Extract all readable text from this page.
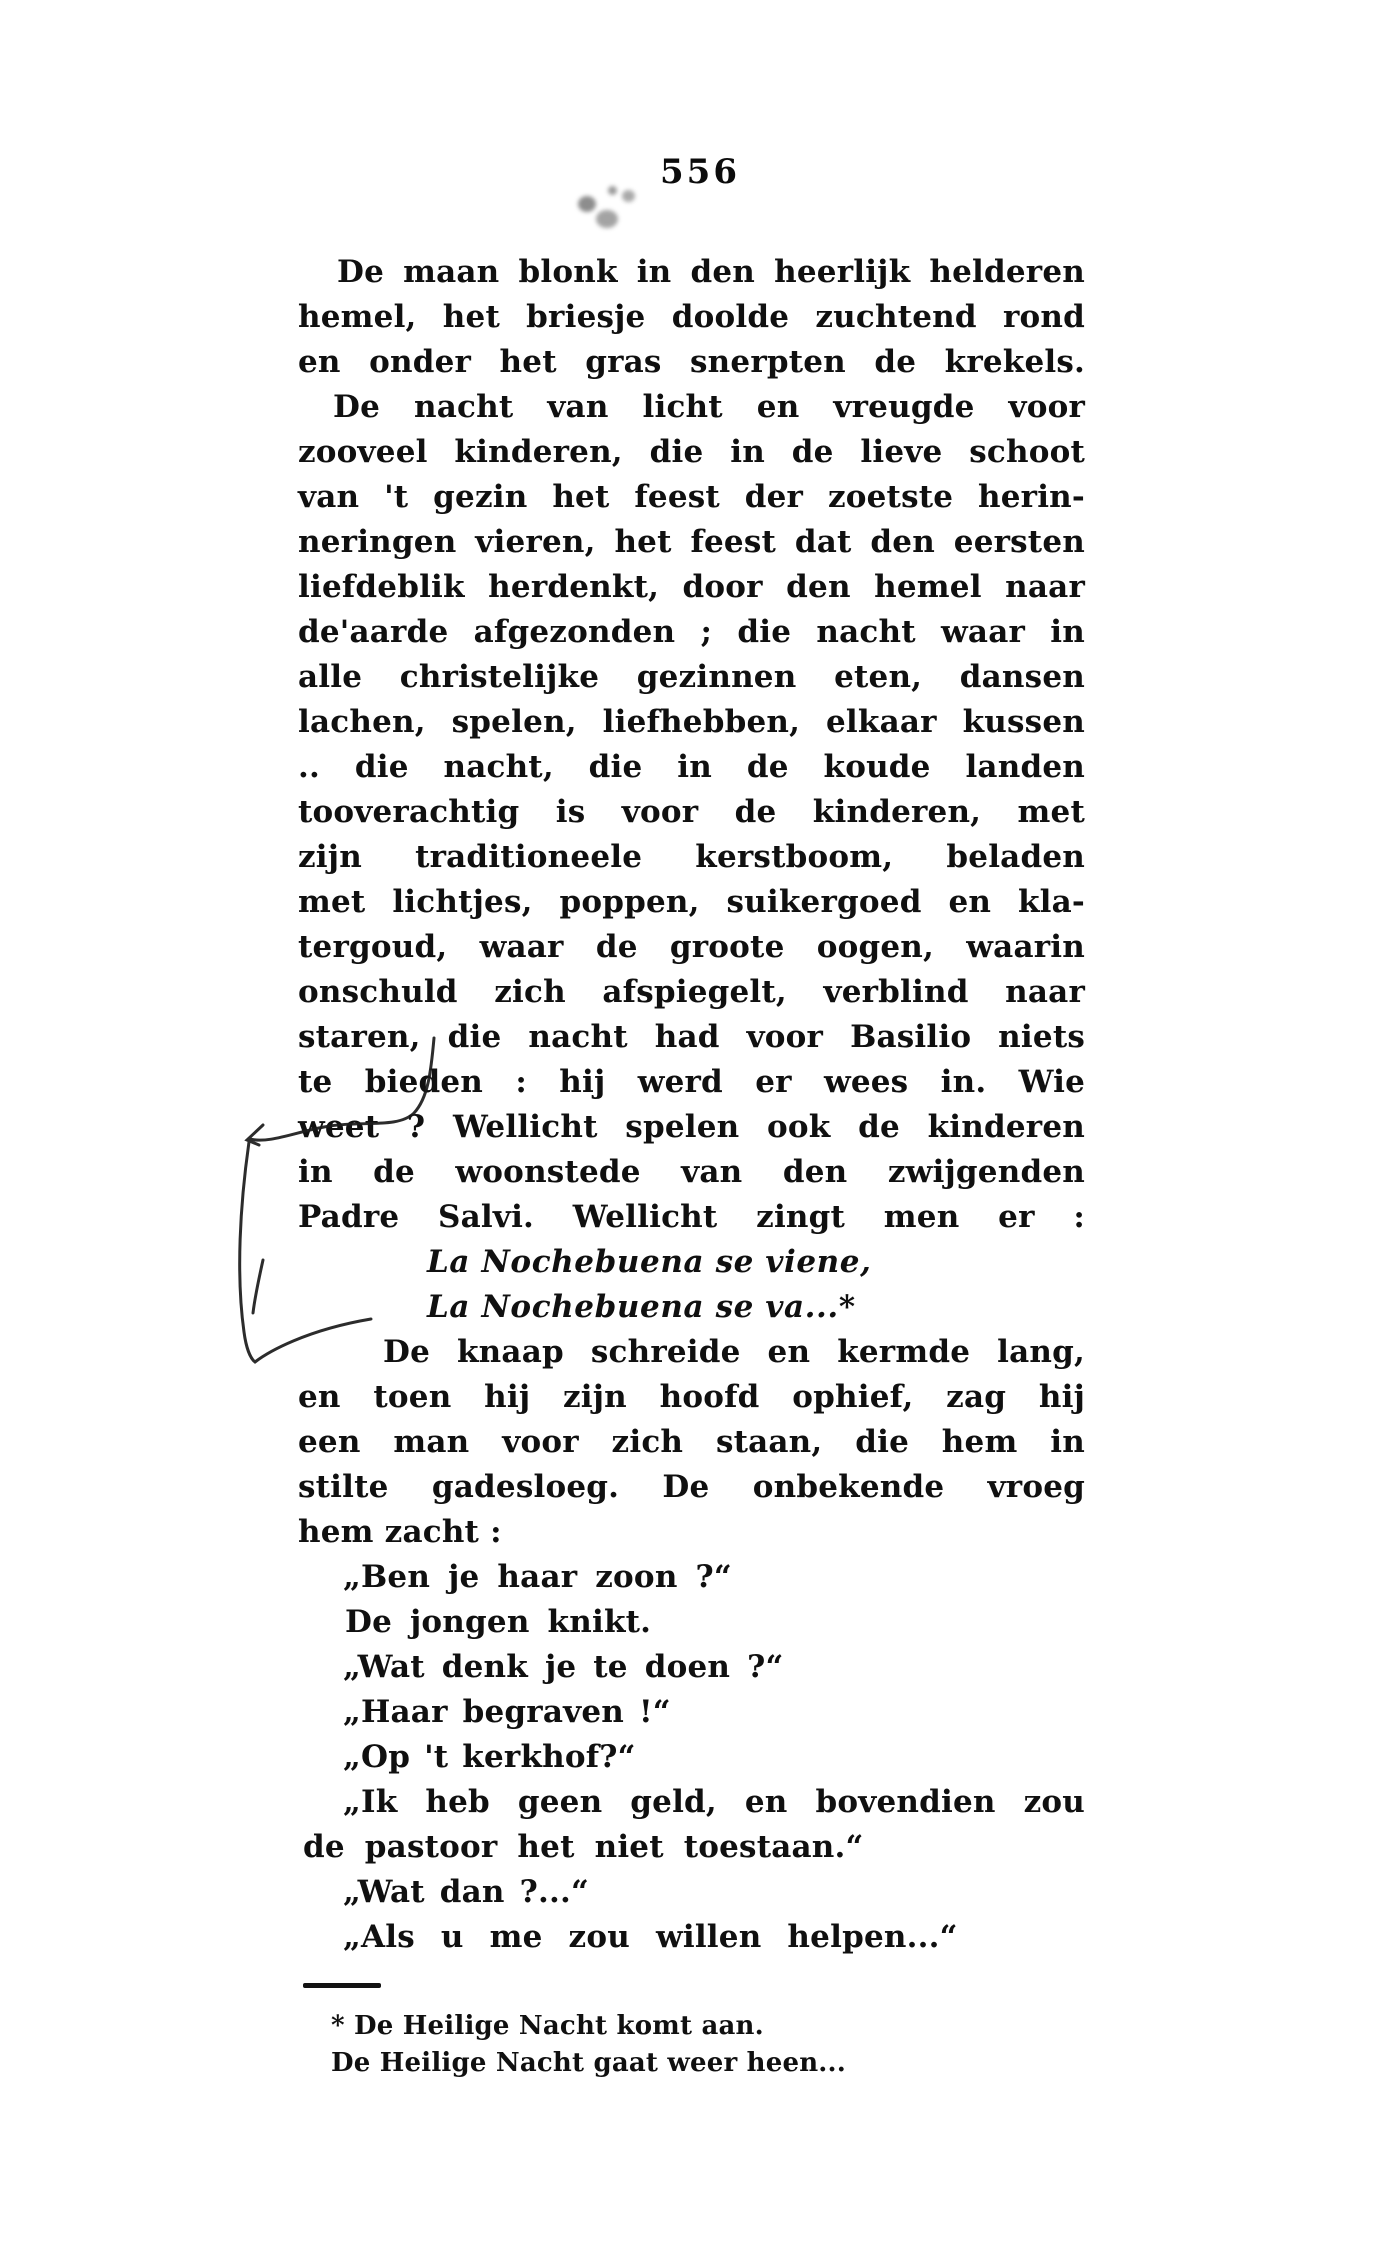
556
De maan blonk in den heerlijk helderen
hemel, het briesje doolde zuchtend rond
en onder het gras snerpten de krekels.
De nacht van licht en vreugde voor
zooveel kinderen, die in de lieve schoot
van 't gezin het feest der zoetste herin-
neringen vieren, het feest dat den eersten
liefdeblik herdenkt, door den hemel naar
de'aarde afgezonden ; die nacht waar in
alle christelijke gezinnen eten, dansen
lachen, spelen, liefhebben, elkaar kussen
.. die nacht, die in de koude landen
tooverachtig is voor de kinderen, met
zijn traditioneele kerstboom, beladen
met lichtjes, poppen, suikergoed en kla-
tergoud, waar de groote oogen, waarin
onschuld zich afspiegelt, verblind naar
staren, die nacht had voor Basilio niets
te bieden : hij werd er wees in. Wie
weet ? Wellicht spelen ook de kinderen
in de woonstede van den zwijgenden
Padre Salvi. Wellicht zingt men er :
La Nochebuena se viene,
La Nochebuena se va...*
De knaap schreide en kermde lang,
en toen hij zijn hoofd ophief, zag hij
een man voor zich staan, die hem in
stilte gadesloeg. De onbekende vroeg
hem zacht :
„Ben je haar zoon ?“
De jongen knikt.
„Wat denk je te doen ?“
„Haar begraven !“
„Op 't kerkhof?“
„Ik heb geen geld, en bovendien zou
de pastoor het niet toestaan.“
„Wat dan ?...“
„Als u me zou willen helpen...“
* De Heilige Nacht komt aan.
De Heilige Nacht gaat weer heen...
